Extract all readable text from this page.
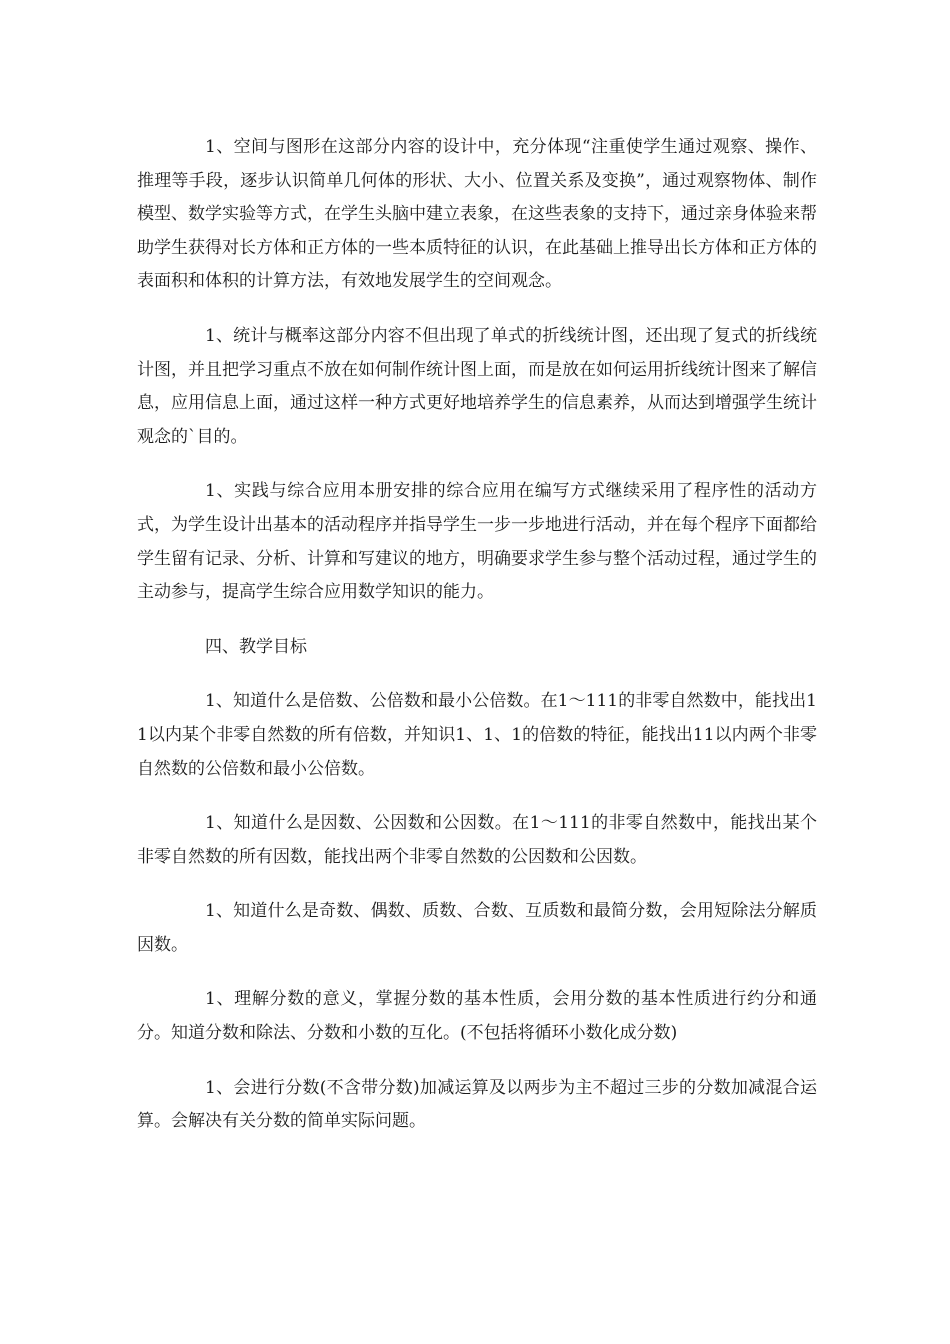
1、空间与图形在这部分内容的设计中，充分体现“注重使学生通过观察、操作、推理等手段，逐步认识简单几何体的形状、大小、位置关系及变换”，通过观察物体、制作模型、数学实验等方式，在学生头脑中建立表象，在这些表象的支持下，通过亲身体验来帮助学生获得对长方体和正方体的一些本质特征的认识，在此基础上推导出长方体和正方体的表面积和体积的计算方法，有效地发展学生的空间观念。

1、统计与概率这部分内容不但出现了单式的折线统计图，还出现了复式的折线统计图，并且把学习重点不放在如何制作统计图上面，而是放在如何运用折线统计图来了解信息，应用信息上面，通过这样一种方式更好地培养学生的信息素养，从而达到增强学生统计观念的`目的。

1、实践与综合应用本册安排的综合应用在编写方式继续采用了程序性的活动方式，为学生设计出基本的活动程序并指导学生一步一步地进行活动，并在每个程序下面都给学生留有记录、分析、计算和写建议的地方，明确要求学生参与整个活动过程，通过学生的主动参与，提高学生综合应用数学知识的能力。

四、教学目标

1、知道什么是倍数、公倍数和最小公倍数。在1～111的非零自然数中，能找出11以内某个非零自然数的所有倍数，并知识1、1、1的倍数的特征，能找出11以内两个非零自然数的公倍数和最小公倍数。

1、知道什么是因数、公因数和公因数。在1～111的非零自然数中，能找出某个非零自然数的所有因数，能找出两个非零自然数的公因数和公因数。

1、知道什么是奇数、偶数、质数、合数、互质数和最简分数，会用短除法分解质因数。

1、理解分数的意义，掌握分数的基本性质，会用分数的基本性质进行约分和通分。知道分数和除法、分数和小数的互化。(不包括将循环小数化成分数)

1、会进行分数(不含带分数)加减运算及以两步为主不超过三步的分数加减混合运算。会解决有关分数的简单实际问题。
